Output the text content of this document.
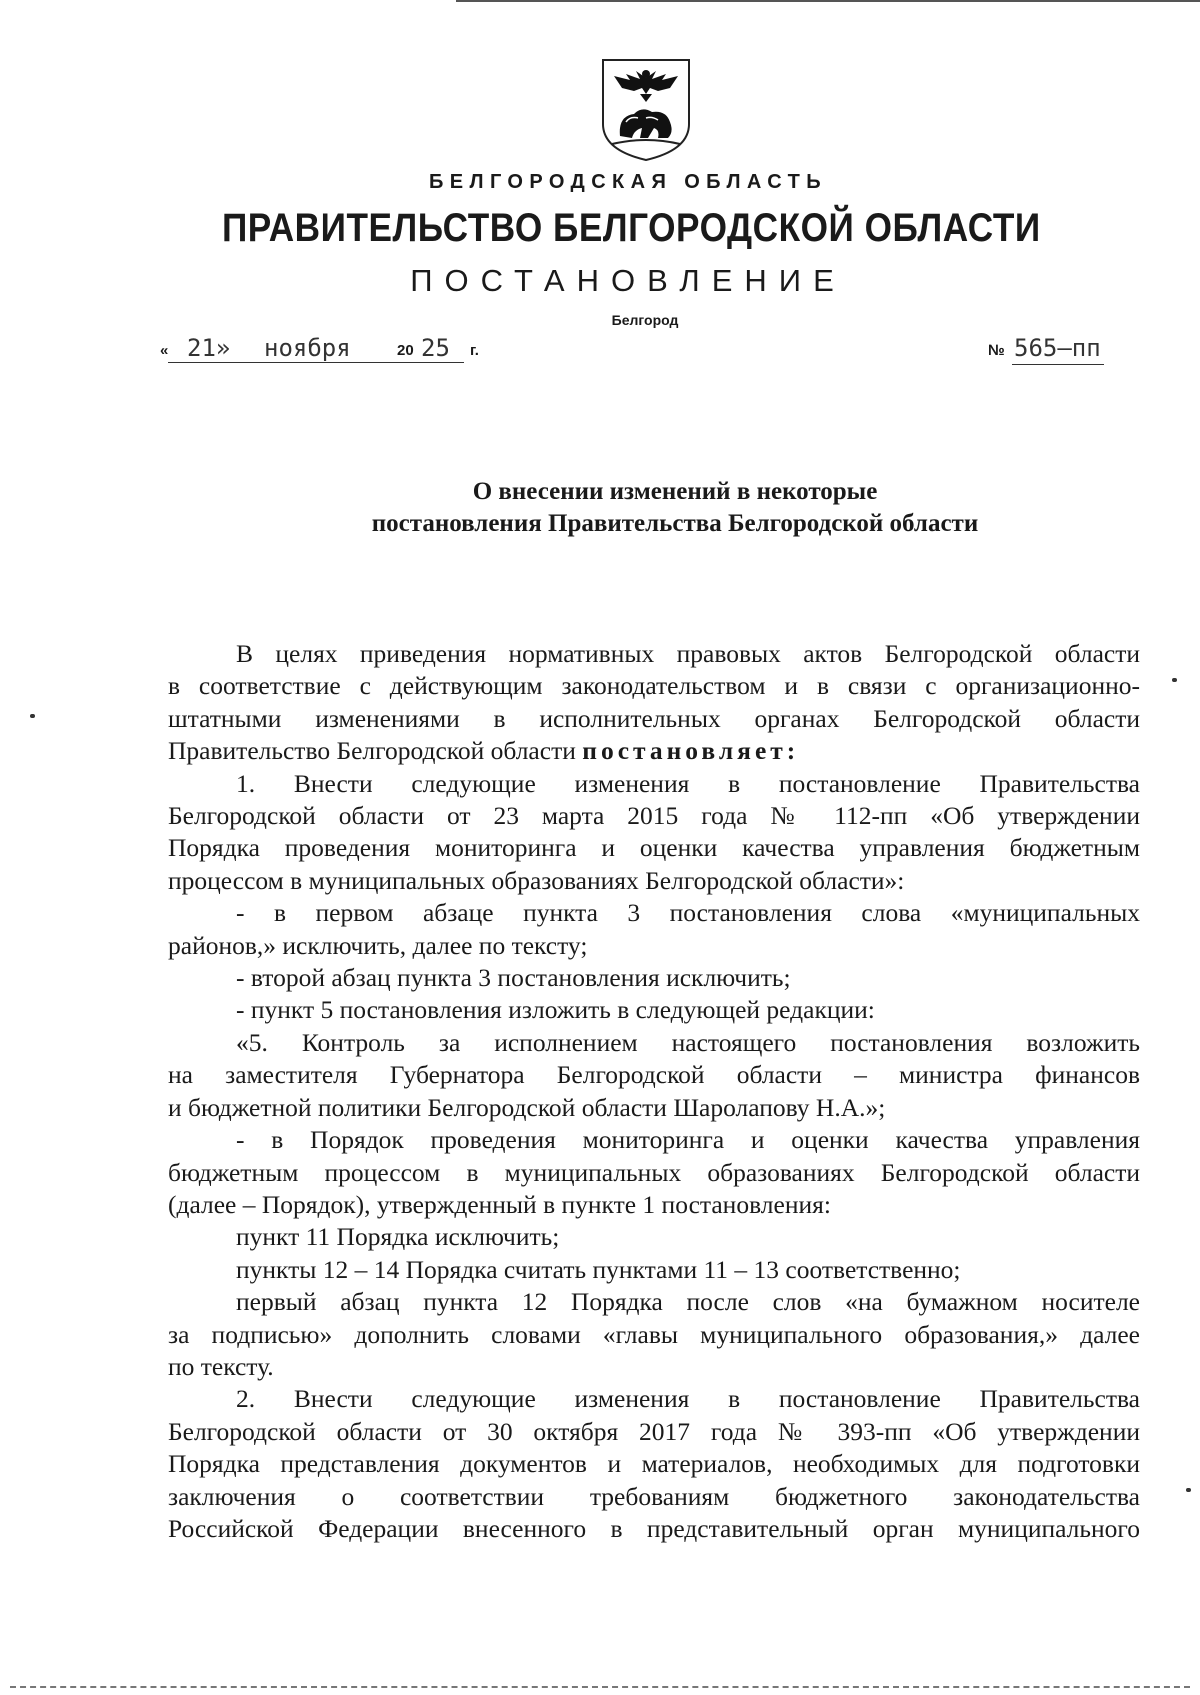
БЕЛГОРОДСКАЯ ОБЛАСТЬ
ПРАВИТЕЛЬСТВО БЕЛГОРОДСКОЙ ОБЛАСТИ
ПОСТАНОВЛЕНИЕ
Белгород
« 21» ноября	20 25 г.	№ 565–пп
О внесении изменений в некоторые
постановления Правительства Белгородской области

В целях приведения нормативных правовых актов Белгородской области

в соответствие с действующим законодательством и в связи с организационно-

штатными изменениями в исполнительных органах Белгородской области

Правительство Белгородской области постановляет:

1. Внести следующие изменения в постановление Правительства

Белгородской области от 23 марта 2015 года № 112-пп «Об утверждении

Порядка проведения мониторинга и оценки качества управления бюджетным

процессом в муниципальных образованиях Белгородской области»:

- в первом абзаце пункта 3 постановления слова «муниципальных

районов,» исключить, далее по тексту;

- второй абзац пункта 3 постановления исключить;

- пункт 5 постановления изложить в следующей редакции:

«5. Контроль за исполнением настоящего постановления возложить

на заместителя Губернатора Белгородской области – министра финансов

и бюджетной политики Белгородской области Шаролапову Н.А.»;

- в Порядок проведения мониторинга и оценки качества управления

бюджетным процессом в муниципальных образованиях Белгородской области

(далее – Порядок), утвержденный в пункте 1 постановления:

пункт 11 Порядка исключить;

пункты 12 – 14 Порядка считать пунктами 11 – 13 соответственно;

первый абзац пункта 12 Порядка после слов «на бумажном носителе

за подписью» дополнить словами «главы муниципального образования,» далее

по тексту.

2. Внести следующие изменения в постановление Правительства

Белгородской области от 30 октября 2017 года № 393-пп «Об утверждении

Порядка представления документов и материалов, необходимых для подготовки

заключения о соответствии требованиям бюджетного законодательства

Российской Федерации внесенного в представительный орган муниципального
